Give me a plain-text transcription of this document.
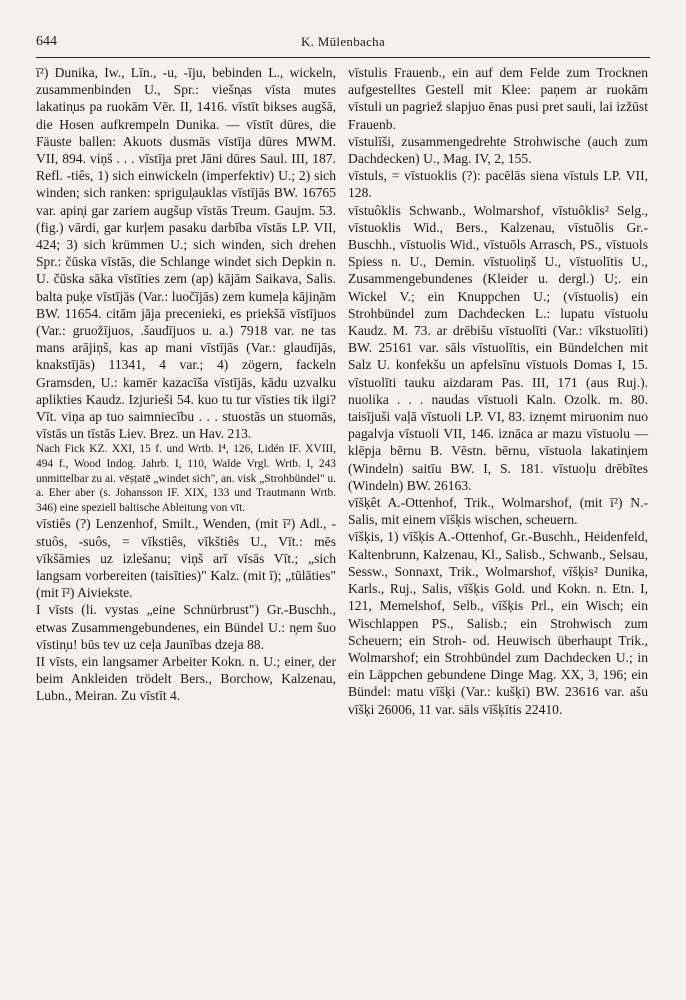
644	K. Mülenbacha

ī²) Dunika, Iw., Līn., -u, -īju, bebinden L., wickeln, zusammenbinden U., Spr.: viešn̦as vīsta mutes lakatin̦us pa ruokām Vēr. II, 1416. vīstīt bikses augšā, die Hosen aufkrempeln Dunika. — vīstīt dūres, die Fäuste ballen: Akuots dusmās vīstīja dūres MWM. VII, 894. viņš . . . vīstīja pret Jāni dūres Saul. III, 187. Refl. -tiês, 1) sich einwickeln (imperfektiv) U.; 2) sich winden; sich ranken: sprigul̦auklas vīstījās BW. 16765 var. apin̦i gar zariem augšup vīstās Treum. Gaujm. 53. (fig.) vārdi, gar kurļem pasaku darbība vīstās LP. VII, 424; 3) sich krümmen U.; sich winden, sich drehen Spr.: čūska vīstās, die Schlange windet sich Depkin n. U. čūska sāka vīstīties zem (ap) kājām Saikava, Salis. balta puķe vīstījās (Var.: luočījās) zem kumeļa kājin̦ām BW. 11654. citām jāja precenieki, es priekšā vīstījuos (Var.: gruožījuos, .šaudījuos u. a.) 7918 var. ne tas mans arājiņš, kas ap mani vīstījās (Var.: glaudījās, knakstījās) 11341, 4 var.; 4) zögern, fackeln Gramsden, U.: kamēr kazacīša vīstījās, kādu uzvalku aplikties Kaudz. Izjurieši 54. kuo tu tur vīsties tik ilgi? Vīt. viņa ap tuo saimniecību . . . stuostās un stuomās, vīstās un tīstās Liev. Brez. un Hav. 213.

Nach Fick KZ. XXI, 15 f. und Wrtb. I⁴, 126, Lidén IF. XVIII, 494 f., Wood Indog. Jahrb. I, 110, Walde Vrgl. Wrtb. I, 243 unmittelbar zu ai. vēṣṭatē „windet sich", an. visk „Strohbündel" u. a. Eher aber (s. Johansson IF. XIX, 133 und Trautmann Wrtb. 346) eine speziell baltische Ableitung von vīt.

vīstiês (?) Lenzenhof, Smilt., Wenden, (mit ī²) Adl., -stuôs, -suôs, = vīkstiês, vīkštiês U., Vīt.: mēs vīkšāmies uz izlešanu; viņš arī vīsās Vīt.; „sich langsam vorbereiten (taisīties)" Kalz. (mit ī); „tūlāties" (mit ī²) Aiviekste.

I vīsts (li. vystas „eine Schnürbrust") Gr.-Buschh., etwas Zusammengebundenes, ein Bündel U.: n̦em šuo vīstin̦u! būs tev uz ceļa Jaunības dzeja 88.

II vīsts, ein langsamer Arbeiter Kokn. n. U.; einer, der beim Ankleiden trödelt Bers., Borchow, Kalzenau, Lubn., Meiran. Zu vīstīt 4.

vīstulis Frauenb., ein auf dem Felde zum Trocknen aufgestelltes Gestell mit Klee: paņem ar ruokām vīstuli un pagriež slapjuo ēnas pusi pret sauli, lai izžūst Frauenb.

vīstulīši, zusammengedrehte Strohwische (auch zum Dachdecken) U., Mag. IV, 2, 155.

vīstuls, = vīstuoklis (?): pacēlās siena vīstuls LP. VII, 128.

vīstuôklis Schwanb., Wolmarshof, vīstuôklis² Selg., vīstuoklis Wid., Bers., Kalzenau, vīstuõlis Gr.-Buschh., vīstuolis Wid., vīstuōls Arrasch, PS., vīstuols Spiess n. U., Demin. vīstuoliņš U., vīstuolītis U., Zusammengebundenes (Kleider u. dergl.) U;. ein Wickel V.; ein Knuppchen U.; (vīstuolis) ein Strohbündel zum Dachdecken L.: lupatu vīstuolu Kaudz. M. 73. ar drēbišu vīstuolīti (Var.: vīkstuolīti) BW. 25161 var. sāls vīstuolītis, ein Bündelchen mit Salz U. konfekšu un apfelsīnu vīstuols Domas I, 15. vīstuolīti tauku aizdaram Pas. III, 171 (aus Ruj.). nuolika . . . naudas vīstuoli Kaln. Ozolk. m. 80. taisījuši vaļā vīstuoli LP. VI, 83. izn̦emt miruonim nuo pagalvja vīstuoli VII, 146. iznāca ar mazu vīstuolu — klēpja bērnu B. Vēstn. bērnu, vīstuola lakatin̦iem (Windeln) saitīu BW. I, S. 181. vīstuoļu drēbītes (Windeln) BW. 26163.

vīšķêt A.-Ottenhof, Trik., Wolmarshof, (mit ī²) N.-Salis, mit einem vīšķis wischen, scheuern.

vīšķis, 1) vīšķis A.-Ottenhof, Gr.-Buschh., Heidenfeld, Kaltenbrunn, Kalzenau, Kl., Salisb., Schwanb., Selsau, Sessw., Sonnaxt, Trik., Wolmarshof, vīšķis² Dunika, Karls., Ruj., Salis, vīšķis Gold. und Kokn. n. Etn. I, 121, Memelshof, Selb., vīšķis Prl., ein Wisch; ein Wischlappen PS., Salisb.; ein Strohwisch zum Scheuern; ein Stroh- od. Heuwisch überhaupt Trik., Wolmarshof; ein Strohbündel zum Dachdecken U.; in ein Läppchen gebundene Dinge Mag. XX, 3, 196; ein Bündel: matu vīšķi (Var.: kušķi) BW. 23616 var. ašu vīšķi 26006, 11 var. sāls vīšķītis 22410.
